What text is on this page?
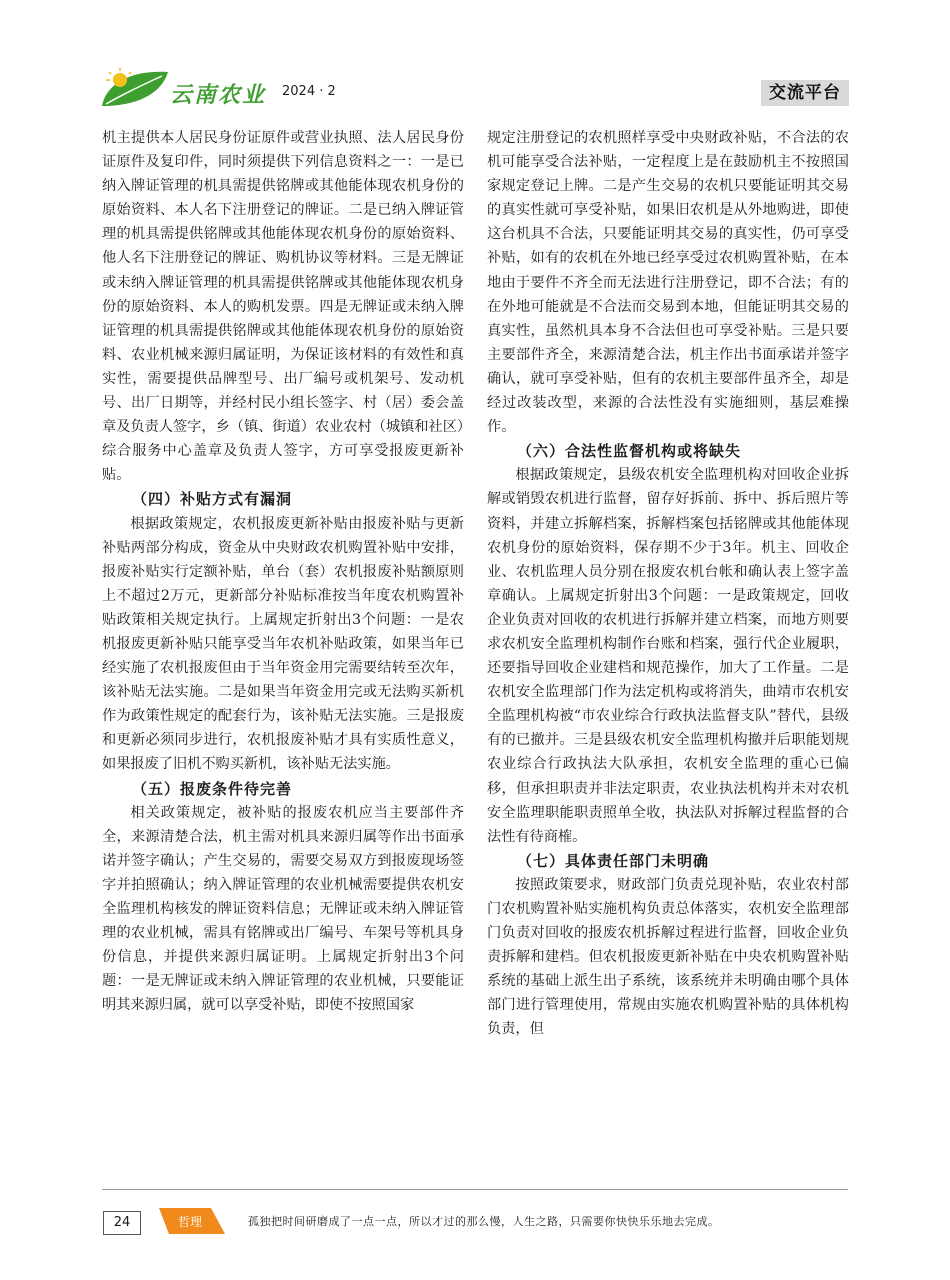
云南农业 2024 · 2	交流平台

机主提供本人居民身份证原件或营业执照、法人居民身份证原件及复印件，同时须提供下列信息资料之一：一是已纳入牌证管理的机具需提供铭牌或其他能体现农机身份的原始资料、本人名下注册登记的牌证。二是已纳入牌证管理的机具需提供铭牌或其他能体现农机身份的原始资料、他人名下注册登记的牌证、购机协议等材料。三是无牌证或未纳入牌证管理的机具需提供铭牌或其他能体现农机身份的原始资料、本人的购机发票。四是无牌证或未纳入牌证管理的机具需提供铭牌或其他能体现农机身份的原始资料、农业机械来源归属证明，为保证该材料的有效性和真实性，需要提供品牌型号、出厂编号或机架号、发动机号、出厂日期等，并经村民小组长签字、村（居）委会盖章及负责人签字，乡（镇、街道）农业农村（城镇和社区）综合服务中心盖章及负责人签字，方可享受报废更新补贴。

（四）补贴方式有漏洞

根据政策规定，农机报废更新补贴由报废补贴与更新补贴两部分构成，资金从中央财政农机购置补贴中安排，报废补贴实行定额补贴，单台（套）农机报废补贴额原则上不超过2万元，更新部分补贴标准按当年度农机购置补贴政策相关规定执行。上属规定折射出3个问题：一是农机报废更新补贴只能享受当年农机补贴政策，如果当年已经实施了农机报废但由于当年资金用完需要结转至次年，该补贴无法实施。二是如果当年资金用完或无法购买新机作为政策性规定的配套行为，该补贴无法实施。三是报废和更新必须同步进行，农机报废补贴才具有实质性意义，如果报废了旧机不购买新机，该补贴无法实施。

（五）报废条件待完善

相关政策规定，被补贴的报废农机应当主要部件齐全，来源清楚合法，机主需对机具来源归属等作出书面承诺并签字确认；产生交易的，需要交易双方到报废现场签字并拍照确认；纳入牌证管理的农业机械需要提供农机安全监理机构核发的牌证资料信息；无牌证或未纳入牌证管理的农业机械，需具有铭牌或出厂编号、车架号等机具身份信息，并提供来源归属证明。上属规定折射出3个问题：一是无牌证或未纳入牌证管理的农业机械，只要能证明其来源归属，就可以享受补贴，即使不按照国家

规定注册登记的农机照样享受中央财政补贴，不合法的农机可能享受合法补贴，一定程度上是在鼓励机主不按照国家规定登记上牌。二是产生交易的农机只要能证明其交易的真实性就可享受补贴，如果旧农机是从外地购进，即使这台机具不合法，只要能证明其交易的真实性，仍可享受补贴，如有的农机在外地已经享受过农机购置补贴，在本地由于要件不齐全而无法进行注册登记，即不合法；有的在外地可能就是不合法而交易到本地，但能证明其交易的真实性，虽然机具本身不合法但也可享受补贴。三是只要主要部件齐全，来源清楚合法，机主作出书面承诺并签字确认，就可享受补贴，但有的农机主要部件虽齐全，却是经过改装改型，来源的合法性没有实施细则，基层难操作。

（六）合法性监督机构或将缺失

根据政策规定，县级农机安全监理机构对回收企业拆解或销毁农机进行监督，留存好拆前、拆中、拆后照片等资料，并建立拆解档案，拆解档案包括铭牌或其他能体现农机身份的原始资料，保存期不少于3年。机主、回收企业、农机监理人员分别在报废农机台帐和确认表上签字盖章确认。上属规定折射出3个问题：一是政策规定，回收企业负责对回收的农机进行拆解并建立档案，而地方则要求农机安全监理机构制作台账和档案，强行代企业履职，还要指导回收企业建档和规范操作，加大了工作量。二是农机安全监理部门作为法定机构或将消失，曲靖市农机安全监理机构被“市农业综合行政执法监督支队”替代，县级有的已撤并。三是县级农机安全监理机构撤并后职能划规农业综合行政执法大队承担，农机安全监理的重心已偏移，但承担职责并非法定职责，农业执法机构并未对农机安全监理职能职责照单全收，执法队对拆解过程监督的合法性有待商榷。

（七）具体责任部门未明确

按照政策要求，财政部门负责兑现补贴，农业农村部门农机购置补贴实施机构负责总体落实，农机安全监理部门负责对回收的报废农机拆解过程进行监督，回收企业负责拆解和建档。但农机报废更新补贴在中央农机购置补贴系统的基础上派生出子系统，该系统并未明确由哪个具体部门进行管理使用，常规由实施农机购置补贴的具体机构负责，但

24	哲理	孤独把时间研磨成了一点一点，所以才过的那么慢，人生之路，只需要你快快乐乐地去完成。
